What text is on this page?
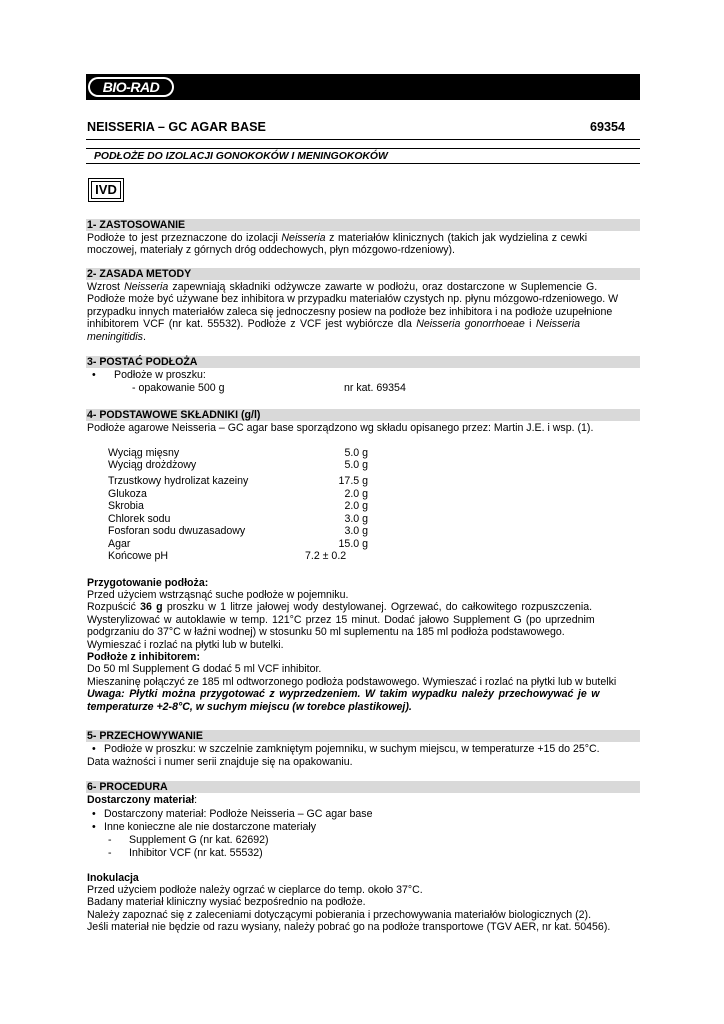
BIO-RAD
NEISSERIA – GC AGAR BASE	69354
PODŁOŻE DO IZOLACJI GONOKOKÓW I MENINGOKOKÓW
IVD
1- ZASTOSOWANIE
Podłoże to jest przeznaczone do izolacji Neisseria z materiałów klinicznych (takich jak wydzielina z cewki
moczowej, materiały z górnych dróg oddechowych, płyn mózgowo-rdzeniowy).
2- ZASADA METODY
Wzrost Neisseria zapewniają składniki odżywcze zawarte w podłożu, oraz dostarczone w Suplemencie G.
Podłoże może być używane bez inhibitora w przypadku materiałów czystych np. płynu mózgowo-rdzeniowego. W
przypadku innych materiałów zaleca się jednoczesny posiew na podłoże bez inhibitora i na podłoże uzupełnione
inhibitorem VCF (nr kat. 55532). Podłoże z VCF jest wybiórcze dla Neisseria gonorrhoeae i Neisseria
meningitidis.
3- POSTAĆ PODŁOŻA
• Podłoże w proszku:
- opakowanie 500 g	nr kat. 69354
4- PODSTAWOWE SKŁADNIKI (g/l)
Podłoże agarowe Neisseria – GC agar base sporządzono wg składu opisanego przez: Martin J.E. i wsp. (1).
Wyciąg mięsny	5.0 g
Wyciąg drożdżowy	5.0 g
Trzustkowy hydrolizat kazeiny	17.5 g
Glukoza	2.0 g
Skrobia	2.0 g
Chlorek sodu	3.0 g
Fosforan sodu dwuzasadowy	3.0 g
Agar	15.0 g
Końcowe pH	7.2 ± 0.2
Przygotowanie podłoża:
Przed użyciem wstrząsnąć suche podłoże w pojemniku.
Rozpuścić 36 g proszku w 1 litrze jałowej wody destylowanej. Ogrzewać, do całkowitego rozpuszczenia.
Wysterylizować w autoklawie w temp. 121°C przez 15 minut. Dodać jałowo Supplement G (po uprzednim
podgrzaniu do 37°C w łaźni wodnej) w stosunku 50 ml suplementu na 185 ml podłoża podstawowego.
Wymieszać i rozlać na płytki lub w butelki.
Podłoże z inhibitorem:
Do 50 ml Supplement G dodać 5 ml VCF inhibitor.
Mieszaninę połączyć ze 185 ml odtworzonego podłoża podstawowego. Wymieszać i rozlać na płytki lub w butelki
Uwaga: Płytki można przygotować z wyprzedzeniem. W takim wypadku należy przechowywać je w
temperaturze +2-8°C, w suchym miejscu (w torebce plastikowej).
5- PRZECHOWYWANIE
• Podłoże w proszku: w szczelnie zamkniętym pojemniku, w suchym miejscu, w temperaturze +15 do 25°C.
Data ważności i numer serii znajduje się na opakowaniu.
6- PROCEDURA
Dostarczony materiał:
• Dostarczony materiał: Podłoże Neisseria – GC agar base
• Inne konieczne ale nie dostarczone materiały
- Supplement G (nr kat. 62692)
- Inhibitor VCF (nr kat. 55532)
Inokulacja
Przed użyciem podłoże należy ogrzać w cieplarce do temp. około 37°C.
Badany materiał kliniczny wysiać bezpośrednio na podłoże.
Należy zapoznać się z zaleceniami dotyczącymi pobierania i przechowywania materiałów biologicznych (2).
Jeśli materiał nie będzie od razu wysiany, należy pobrać go na podłoże transportowe (TGV AER, nr kat. 50456).
